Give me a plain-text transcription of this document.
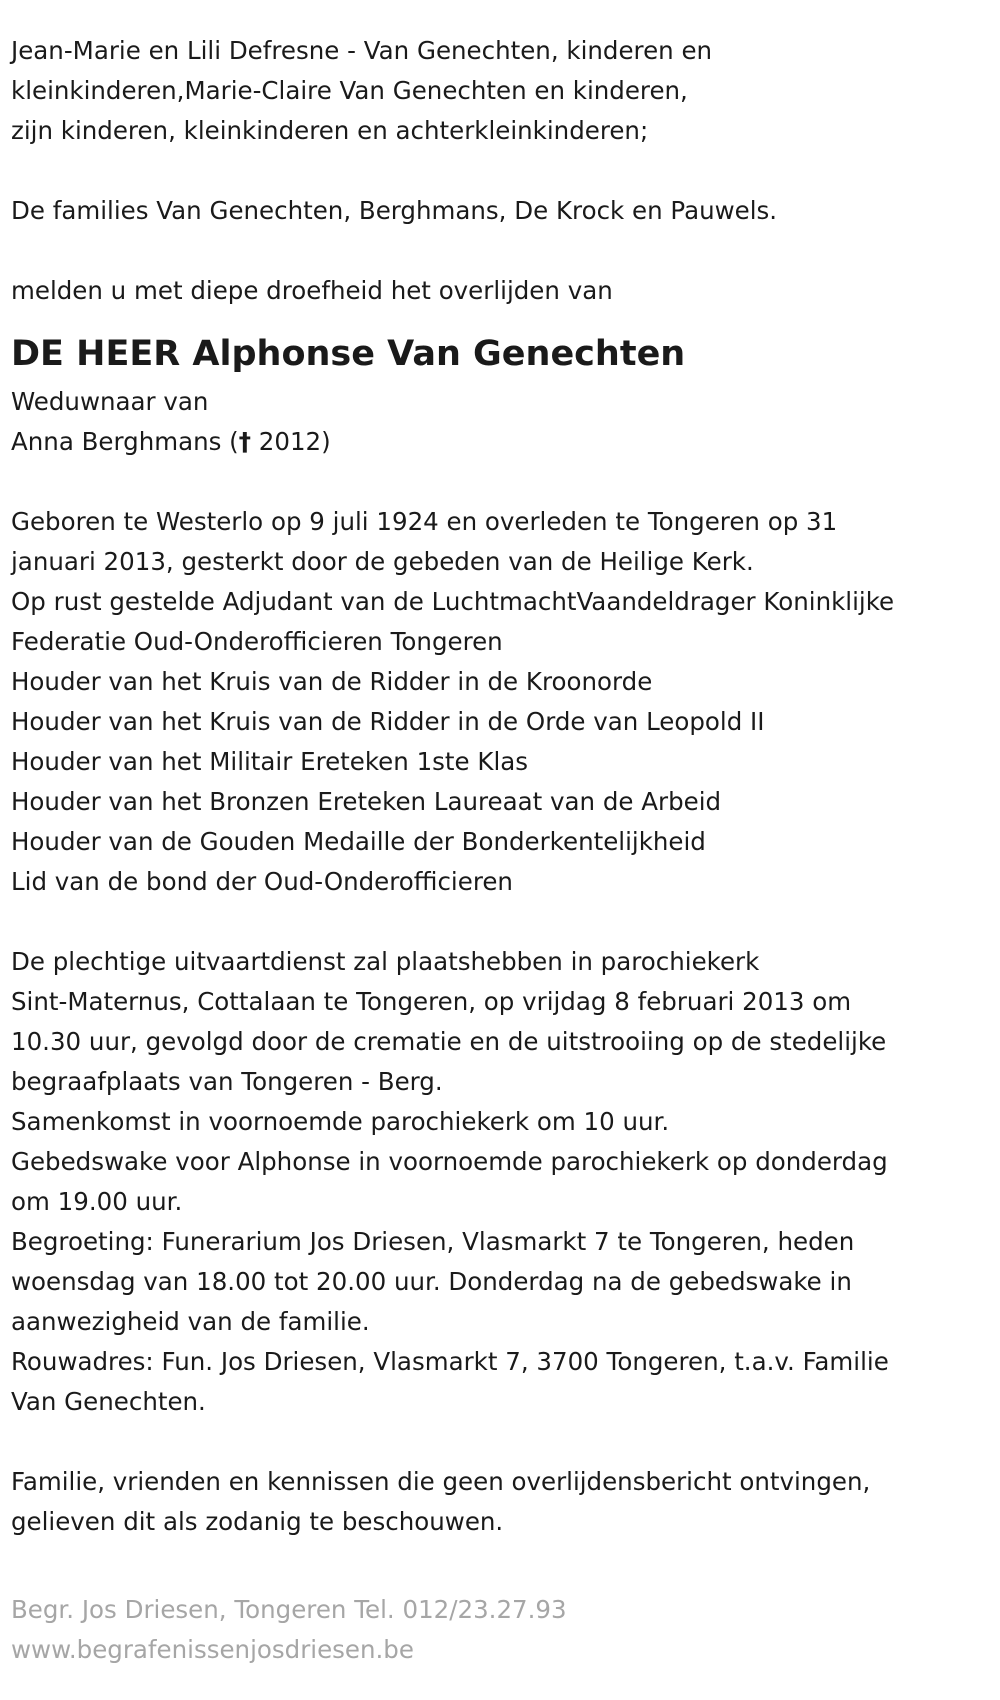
Jean-Marie en Lili Defresne - Van Genechten, kinderen en
kleinkinderen,Marie-Claire Van Genechten en kinderen,
zijn kinderen, kleinkinderen en achterkleinkinderen;
De families Van Genechten, Berghmans, De Krock en Pauwels.
melden u met diepe droefheid het overlijden van
DE HEER Alphonse Van Genechten
Weduwnaar van
Anna Berghmans († 2012)
Geboren te Westerlo op 9 juli 1924 en overleden te Tongeren op 31
januari 2013, gesterkt door de gebeden van de Heilige Kerk.
Op rust gestelde Adjudant van de LuchtmachtVaandeldrager Koninklijke
Federatie Oud-Onderofficieren Tongeren
Houder van het Kruis van de Ridder in de Kroonorde
Houder van het Kruis van de Ridder in de Orde van Leopold II
Houder van het Militair Ereteken 1ste Klas
Houder van het Bronzen Ereteken Laureaat van de Arbeid
Houder van de Gouden Medaille der Bonderkentelijkheid
Lid van de bond der Oud-Onderofficieren
De plechtige uitvaartdienst zal plaatshebben in parochiekerk
Sint-Maternus, Cottalaan te Tongeren, op vrijdag 8 februari 2013 om
10.30 uur, gevolgd door de crematie en de uitstrooiing op de stedelijke
begraafplaats van Tongeren - Berg.
Samenkomst in voornoemde parochiekerk om 10 uur.
Gebedswake voor Alphonse in voornoemde parochiekerk op donderdag
om 19.00 uur.
Begroeting: Funerarium Jos Driesen, Vlasmarkt 7 te Tongeren, heden
woensdag van 18.00 tot 20.00 uur. Donderdag na de gebedswake in
aanwezigheid van de familie.
Rouwadres: Fun. Jos Driesen, Vlasmarkt 7, 3700 Tongeren, t.a.v. Familie
Van Genechten.
Familie, vrienden en kennissen die geen overlijdensbericht ontvingen,
gelieven dit als zodanig te beschouwen.
Begr. Jos Driesen, Tongeren Tel. 012/23.27.93
www.begrafenissenjosdriesen.be
